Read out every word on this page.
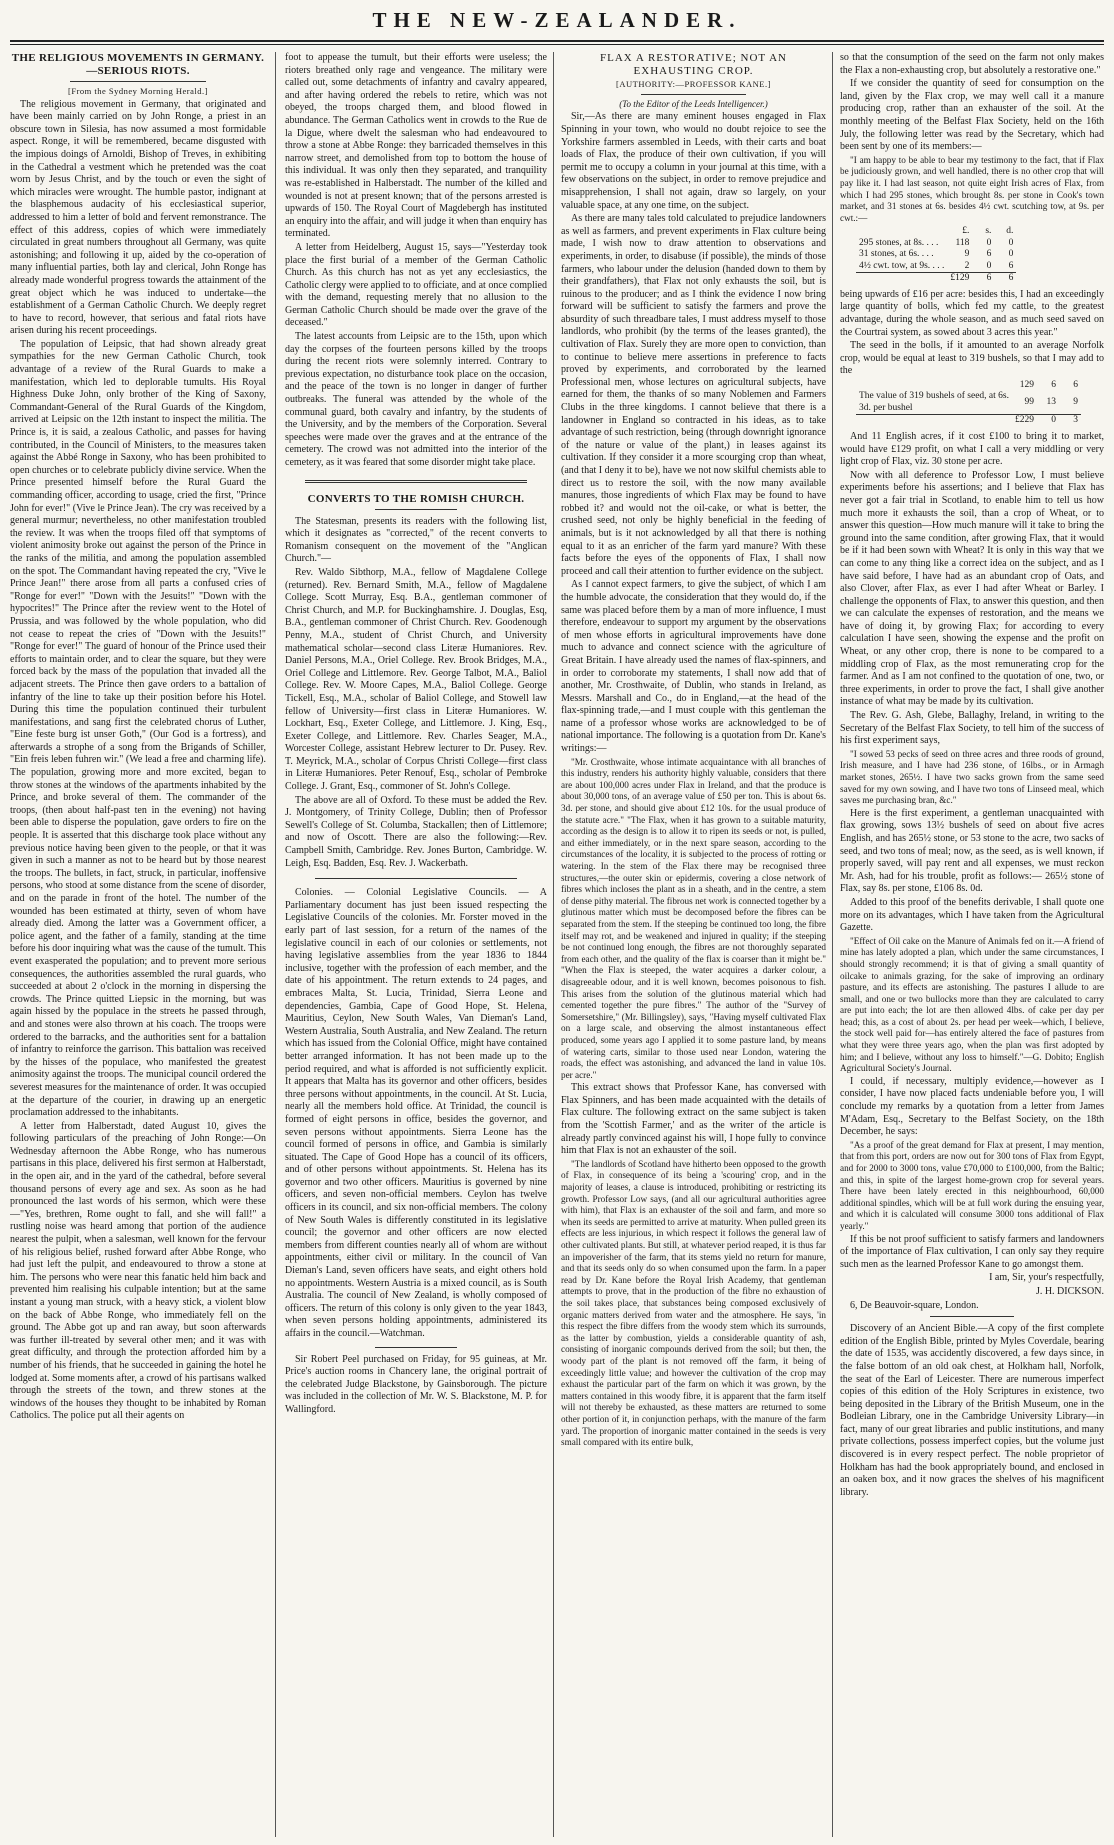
THE NEW-ZEALANDER.

THE RELIGIOUS MOVEMENTS IN GERMANY.—SERIOUS RIOTS.

[From the Sydney Morning Herald.]

The religious movement in Germany, that originated and have been mainly carried on by John Ronge, a priest in an obscure town in Silesia, has now assumed a most formidable aspect. Ronge, it will be remembered, became disgusted with the impious doings of Arnoldi, Bishop of Treves, in exhibiting in the Cathedral a vestment which he pretended was the coat worn by Jesus Christ, and by the touch or even the sight of which miracles were wrought. The humble pastor, indignant at the blasphemous audacity of his ecclesiastical superior, addressed to him a letter of bold and fervent remonstrance. The effect of this address, copies of which were immediately circulated in great numbers throughout all Germany, was quite astonishing; and following it up, aided by the co-operation of many influential parties, both lay and clerical, John Ronge has already made wonderful progress towards the attainment of the great object which he was induced to undertake—the establishment of a German Catholic Church. We deeply regret to have to record, however, that serious and fatal riots have arisen during his recent proceedings.

The population of Leipsic, that had shown already great sympathies for the new German Catholic Church, took advantage of a review of the Rural Guards to make a manifestation, which led to deplorable tumults. His Royal Highness Duke John, only brother of the King of Saxony, Commandant-General of the Rural Guards of the Kingdom, arrived at Leipsic on the 12th instant to inspect the militia. The Prince is, it is said, a zealous Catholic, and passes for having contributed, in the Council of Ministers, to the measures taken against the Abbé Ronge in Saxony, who has been prohibited to open churches or to celebrate publicly divine service. When the Prince presented himself before the Rural Guard the commanding officer, according to usage, cried the first, "Prince John for ever!" (Vive le Prince Jean). The cry was received by a general murmur; nevertheless, no other manifestation troubled the review. It was when the troops filed off that symptoms of violent animosity broke out against the person of the Prince in the ranks of the militia, and among the population assembled on the spot. The Commandant having repeated the cry, "Vive le Prince Jean!" there arose from all parts a confused cries of "Ronge for ever!" "Down with the Jesuits!" "Down with the hypocrites!" The Prince after the review went to the Hotel of Prussia, and was followed by the whole population, who did not cease to repeat the cries of "Down with the Jesuits!" "Ronge for ever!" The guard of honour of the Prince used their efforts to maintain order, and to clear the square, but they were forced back by the mass of the population that invaded all the adjacent streets. The Prince then gave orders to a battalion of infantry of the line to take up their position before his Hotel. During this time the population continued their turbulent manifestations, and sang first the celebrated chorus of Luther, "Eine feste burg ist unser Goth," (Our God is a fortress), and afterwards a strophe of a song from the Brigands of Schiller, "Ein freis leben fuhren wir." (We lead a free and charming life). The population, growing more and more excited, began to throw stones at the windows of the apartments inhabited by the Prince, and broke several of them. The commander of the troops, (then about half-past ten in the evening) not having been able to disperse the population, gave orders to fire on the people. It is asserted that this discharge took place without any previous notice having been given to the people, or that it was given in such a manner as not to be heard but by those nearest the troops. The bullets, in fact, struck, in particular, inoffensive persons, who stood at some distance from the scene of disorder, and on the parade in front of the hotel. The number of the wounded has been estimated at thirty, seven of whom have already died. Among the latter was a Government officer, a police agent, and the father of a family, standing at the time before his door inquiring what was the cause of the tumult. This event exasperated the population; and to prevent more serious consequences, the authorities assembled the rural guards, who succeeded at about 2 o'clock in the morning in dispersing the crowds. The Prince quitted Liepsic in the morning, but was again hissed by the populace in the streets he passed through, and and stones were also thrown at his coach. The troops were ordered to the barracks, and the authorities sent for a battalion of infantry to reinforce the garrison. This battalion was received by the hisses of the populace, who manifested the greatest animosity against the troops. The municipal council ordered the severest measures for the maintenance of order. It was occupied at the departure of the courier, in drawing up an energetic proclamation addressed to the inhabitants.

A letter from Halberstadt, dated August 10, gives the following particulars of the preaching of John Ronge:—On Wednesday afternoon the Abbe Ronge, who has numerous partisans in this place, delivered his first sermon at Halberstadt, in the open air, and in the yard of the cathedral, before several thousand persons of every age and sex. As soon as he had pronounced the last words of his sermon, which were these—"Yes, brethren, Rome ought to fall, and she will fall!" a rustling noise was heard among that portion of the audience nearest the pulpit, when a salesman, well known for the fervour of his religious belief, rushed forward after Abbe Ronge, who had just left the pulpit, and endeavoured to throw a stone at him. The persons who were near this fanatic held him back and prevented him realising his culpable intention; but at the same instant a young man struck, with a heavy stick, a violent blow on the back of Abbe Ronge, who immediately fell on the ground. The Abbe got up and ran away, but soon afterwards was further ill-treated by several other men; and it was with great difficulty, and through the protection afforded him by a number of his friends, that he succeeded in gaining the hotel he lodged at. Some moments after, a crowd of his partisans walked through the streets of the town, and threw stones at the windows of the houses they thought to be inhabited by Roman Catholics. The police put all their agents on

foot to appease the tumult, but their efforts were useless; the rioters breathed only rage and vengeance. The military were called out, some detachments of infantry and cavalry appeared, and after having ordered the rebels to retire, which was not obeyed, the troops charged them, and blood flowed in abundance. The German Catholics went in crowds to the Rue de la Digue, where dwelt the salesman who had endeavoured to throw a stone at Abbe Ronge: they barricaded themselves in this narrow street, and demolished from top to bottom the house of this individual. It was only then they separated, and tranquility was re-established in Halberstadt. The number of the killed and wounded is not at present known; that of the persons arrested is upwards of 150. The Royal Court of Magdebergh has instituted an enquiry into the affair, and will judge it when than enquiry has terminated.

A letter from Heidelberg, August 15, says—"Yesterday took place the first burial of a member of the German Catholic Church. As this church has not as yet any ecclesiastics, the Catholic clergy were applied to to officiate, and at once complied with the demand, requesting merely that no allusion to the German Catholic Church should be made over the grave of the deceased."

The latest accounts from Leipsic are to the 15th, upon which day the corpses of the fourteen persons killed by the troops during the recent riots were solemnly interred. Contrary to previous expectation, no disturbance took place on the occasion, and the peace of the town is no longer in danger of further outbreaks. The funeral was attended by the whole of the communal guard, both cavalry and infantry, by the students of the University, and by the members of the Corporation. Several speeches were made over the graves and at the entrance of the cemetery. The crowd was not admitted into the interior of the cemetery, as it was feared that some disorder might take place.

CONVERTS TO THE ROMISH CHURCH.

The Statesman, presents its readers with the following list, which it designates as "corrected," of the recent converts to Romanism consequent on the movement of the "Anglican Church."—

Rev. Waldo Sibthorp, M.A., fellow of Magdalene College (returned). Rev. Bernard Smith, M.A., fellow of Magdalene College. Scott Murray, Esq. B.A., gentleman commoner of Christ Church, and M.P. for Buckinghamshire. J. Douglas, Esq, B.A., gentleman commoner of Christ Church. Rev. Goodenough Penny, M.A., student of Christ Church, and University mathematical scholar—second class Literæ Humaniores. Rev. Daniel Persons, M.A., Oriel College. Rev. Brook Bridges, M.A., Oriel College and Littlemore. Rev. George Talbot, M.A., Baliol College. Rev. W. Moore Capes, M.A., Baliol College. George Tickell, Esq., M.A., scholar of Baliol College, and Stowell law fellow of University—first class in Literæ Humaniores. W. Lockhart, Esq., Exeter College, and Littlemore. J. King, Esq., Exeter College, and Littlemore. Rev. Charles Seager, M.A., Worcester College, assistant Hebrew lecturer to Dr. Pusey. Rev. T. Meyrick, M.A., scholar of Corpus Christi College—first class in Literæ Humaniores. Peter Renouf, Esq., scholar of Pembroke College. J. Grant, Esq., commoner of St. John's College.

The above are all of Oxford. To these must be added the Rev. J. Montgomery, of Trinity College, Dublin; then of Professor Sewell's College of St. Columba, Stackallen; then of Littlemore; and now of Oscott. There are also the following:—Rev. Campbell Smith, Cambridge. Rev. Jones Burton, Cambridge. W. Leigh, Esq. Badden, Esq. Rev. J. Wackerbath.

Colonies. — Colonial Legislative Councils. — A Parliamentary document has just been issued respecting the Legislative Councils of the colonies. Mr. Forster moved in the early part of last session, for a return of the names of the legislative council in each of our colonies or settlements, not having legislative assemblies from the year 1836 to 1844 inclusive, together with the profession of each member, and the date of his appointment. The return extends to 24 pages, and embraces Malta, St. Lucia, Trinidad, Sierra Leone and dependencies, Gambia, Cape of Good Hope, St. Helena, Mauritius, Ceylon, New South Wales, Van Dieman's Land, Western Australia, South Australia, and New Zealand. The return which has issued from the Colonial Office, might have contained better arranged information. It has not been made up to the period required, and what is afforded is not sufficiently explicit. It appears that Malta has its governor and other officers, besides three persons without appointments, in the council. At St. Lucia, nearly all the members hold office. At Trinidad, the council is formed of eight persons in office, besides the governor, and seven persons without appointments. Sierra Leone has the council formed of persons in office, and Gambia is similarly situated. The Cape of Good Hope has a council of its officers, and of other persons without appointments. St. Helena has its governor and two other officers. Mauritius is governed by nine officers, and seven non-official members. Ceylon has twelve officers in its council, and six non-official members. The colony of New South Wales is differently constituted in its legislative council; the governor and other officers are now elected members from different counties nearly all of whom are without appointments, either civil or military. In the council of Van Dieman's Land, seven officers have seats, and eight others hold no appointments. Western Austria is a mixed council, as is South Australia. The council of New Zealand, is wholly composed of officers. The return of this colony is only given to the year 1843, when seven persons holding appointments, administered its affairs in the council.—Watchman.

Sir Robert Peel purchased on Friday, for 95 guineas, at Mr. Price's auction rooms in Chancery lane, the original portrait of the celebrated Judge Blackstone, by Gainsborough. The picture was included in the collection of Mr. W. S. Blackstone, M. P. for Wallingford.

FLAX A RESTORATIVE; NOT AN EXHAUSTING CROP.

[AUTHORITY:—PROFESSOR KANE.]

(To the Editor of the Leeds Intelligencer.)

Sir,—As there are many eminent houses engaged in Flax Spinning in your town, who would no doubt rejoice to see the Yorkshire farmers assembled in Leeds, with their carts and boat loads of Flax, the produce of their own cultivation, if you will permit me to occupy a column in your journal at this time, with a few observations on the subject, in order to remove prejudice and misapprehension, I shall not again, draw so largely, on your valuable space, at any one time, on the subject.

As there are many tales told calculated to prejudice landowners as well as farmers, and prevent experiments in Flax culture being made, I wish now to draw attention to observations and experiments, in order, to disabuse (if possible), the minds of those farmers, who labour under the delusion (handed down to them by their grandfathers), that Flax not only exhausts the soil, but is ruinous to the producer; and as I think the evidence I now bring forward will be sufficient to satisfy the farmers and prove the absurdity of such threadbare tales, I must address myself to those landlords, who prohibit (by the terms of the leases granted), the cultivation of Flax. Surely they are more open to conviction, than to continue to believe mere assertions in preference to facts proved by experiments, and corroborated by the learned Professional men, whose lectures on agricultural subjects, have earned for them, the thanks of so many Noblemen and Farmers Clubs in the three kingdoms. I cannot believe that there is a landowner in England so contracted in his ideas, as to take advantage of such restriction, being (through downright ignorance of the nature or value of the plant,) in leases against its cultivation. If they consider it a more scourging crop than wheat, (and that I deny it to be), have we not now skilful chemists able to direct us to restore the soil, with the now many available manures, those ingredients of which Flax may be found to have robbed it? and would not the oil-cake, or what is better, the crushed seed, not only be highly beneficial in the feeding of animals, but is it not acknowledged by all that there is nothing equal to it as an enricher of the farm yard manure? With these facts before the eyes of the opponents of Flax, I shall now proceed and call their attention to further evidence on the subject.

As I cannot expect farmers, to give the subject, of which I am the humble advocate, the consideration that they would do, if the same was placed before them by a man of more influence, I must therefore, endeavour to support my argument by the observations of men whose efforts in agricultural improvements have done much to advance and connect science with the agriculture of Great Britain. I have already used the names of flax-spinners, and in order to corroborate my statements, I shall now add that of another, Mr. Crosthwaite, of Dublin, who stands in Ireland, as Messrs. Marshall and Co., do in England,—at the head of the flax-spinning trade,—and I must couple with this gentleman the name of a professor whose works are acknowledged to be of national importance. The following is a quotation from Dr. Kane's writings:—

"Mr. Crosthwaite, whose intimate acquaintance with all branches of this industry, renders his authority highly valuable, considers that there are about 100,000 acres under Flax in Ireland, and that the produce is about 30,000 tons, of an average value of £50 per ton. This is about 6s. 3d. per stone, and should give about £12 10s. for the usual produce of the statute acre." "The Flax, when it has grown to a suitable maturity, according as the design is to allow it to ripen its seeds or not, is pulled, and either immediately, or in the next spare season, according to the circumstances of the locality, it is subjected to the process of rotting or watering. In the stem of the Flax there may be recognised three structures,—the outer skin or epidermis, covering a close network of fibres which incloses the plant as in a sheath, and in the centre, a stem of dense pithy material. The fibrous net work is connected together by a glutinous matter which must be decomposed before the fibres can be separated from the stem. If the steeping be continued too long, the fibre itself may rot, and be weakened and injured in quality; if the steeping be not continued long enough, the fibres are not thoroughly separated from each other, and the quality of the flax is coarser than it might be." "When the Flax is steeped, the water acquires a darker colour, a disagreeable odour, and it is well known, becomes poisonous to fish. This arises from the solution of the glutinous material which had cemented together the pure fibres." The author of the "Survey of Somersetshire," (Mr. Billingsley), says, "Having myself cultivated Flax on a large scale, and observing the almost instantaneous effect produced, some years ago I applied it to some pasture land, by means of watering carts, similar to those used near London, watering the roads, the effect was astonishing, and advanced the land in value 10s. per acre."

This extract shows that Professor Kane, has conversed with Flax Spinners, and has been made acquainted with the details of Flax culture. The following extract on the same subject is taken from the 'Scottish Farmer,' and as the writer of the article is already partly convinced against his will, I hope fully to convince him that Flax is not an exhauster of the soil.

"The landlords of Scotland have hitherto been opposed to the growth of Flax, in consequence of its being a 'scouring' crop, and in the majority of leases, a clause is introduced, prohibiting or restricting its growth. Professor Low says, (and all our agricultural authorities agree with him), that Flax is an exhauster of the soil and farm, and more so when its seeds are permitted to arrive at maturity. When pulled green its effects are less injurious, in which respect it follows the general law of other cultivated plants. But still, at whatever period reaped, it is thus far an impoverisher of the farm, that its stems yield no return for manure, and that its seeds only do so when consumed upon the farm. In a paper read by Dr. Kane before the Royal Irish Academy, that gentleman attempts to prove, that in the production of the fibre no exhaustion of the soil takes place, that substances being composed exclusively of organic matters derived from water and the atmosphere. He says, 'in this respect the fibre differs from the woody stem which its surrounds, as the latter by combustion, yields a considerable quantity of ash, consisting of inorganic compounds derived from the soil; but then, the woody part of the plant is not removed off the farm, it being of exceedingly little value; and however the cultivation of the crop may exhaust the particular part of the farm on which it was grown, by the matters contained in this woody fibre, it is apparent that the farm itself will not thereby be exhausted, as these matters are returned to some other portion of it, in conjunction perhaps, with the manure of the farm yard. The proportion of inorganic matter contained in the seeds is very small compared with its entire bulk,

so that the consumption of the seed on the farm not only makes the Flax a non-exhausting crop, but absolutely a restorative one."

If we consider the quantity of seed for consumption on the land, given by the Flax crop, we may well call it a manure producing crop, rather than an exhauster of the soil. At the monthly meeting of the Belfast Flax Society, held on the 16th July, the following letter was read by the Secretary, which had been sent by one of its members:—

"I am happy to be able to bear my testimony to the fact, that if Flax be judiciously grown, and well handled, there is no other crop that will pay like it. I had last season, not quite eight Irish acres of Flax, from which I had 295 stones, which brought 8s. per stone in Cook's town market, and 31 stones at 6s. besides 4½ cwt. scutching tow, at 9s. per cwt.:—

	£.	s.	d.
295 stones, at 8s. . . .	118	0	0
31 stones, at 6s. . . .	9	6	0
4½ cwt. tow, at 9s. . . .	2	0	6
	£129	6	6

being upwards of £16 per acre: besides this, I had an exceedingly large quantity of bolls, which fed my cattle, to the greatest advantage, during the whole season, and as much seed saved on the Courtrai system, as sowed about 3 acres this year."

The seed in the bolls, if it amounted to an average Norfolk crop, would be equal at least to 319 bushels, so that I may add to the

	129	6	6
The value of 319 bushels of seed, at 6s. 3d. per bushel	99	13	9
	£229	0	3

And 11 English acres, if it cost £100 to bring it to market, would have £129 profit, on what I call a very middling or very light crop of Flax, viz. 30 stone per acre.

Now with all deference to Professor Low, I must believe experiments before his assertions; and I believe that Flax has never got a fair trial in Scotland, to enable him to tell us how much more it exhausts the soil, than a crop of Wheat, or to answer this question—How much manure will it take to bring the ground into the same condition, after growing Flax, that it would be if it had been sown with Wheat? It is only in this way that we can come to any thing like a correct idea on the subject, and as I have said before, I have had as an abundant crop of Oats, and also Clover, after Flax, as ever I had after Wheat or Barley. I challenge the opponents of Flax, to answer this question, and then we can calculate the expenses of restoration, and the means we have of doing it, by growing Flax; for according to every calculation I have seen, showing the expense and the profit on Wheat, or any other crop, there is none to be compared to a middling crop of Flax, as the most remunerating crop for the farmer. And as I am not confined to the quotation of one, two, or three experiments, in order to prove the fact, I shall give another instance of what may be made by its cultivation.

The Rev. G. Ash, Glebe, Ballaghy, Ireland, in writing to the Secretary of the Belfast Flax Society, to tell him of the success of his first experiment says,

"I sowed 53 pecks of seed on three acres and three roods of ground, Irish measure, and I have had 236 stone, of 16lbs., or in Armagh market stones, 265½. I have two sacks grown from the same seed saved for my own sowing, and I have two tons of Linseed meal, which saves me purchasing bran, &c."

Here is the first experiment, a gentleman unacquainted with flax growing, sows 13½ bushels of seed on about five acres English, and has 265½ stone, or 53 stone to the acre, two sacks of seed, and two tons of meal; now, as the seed, as is well known, if properly saved, will pay rent and all expenses, we must reckon Mr. Ash, had for his trouble, profit as follows:— 265½ stone of Flax, say 8s. per stone, £106 8s. 0d.

Added to this proof of the benefits derivable, I shall quote one more on its advantages, which I have taken from the Agricultural Gazette.

"Effect of Oil cake on the Manure of Animals fed on it.—A friend of mine has lately adopted a plan, which under the same circumstances, I should strongly recommend; it is that of giving a small quantity of oilcake to animals grazing, for the sake of improving an ordinary pasture, and its effects are astonishing. The pastures I allude to are small, and one or two bullocks more than they are calculated to carry are put into each; the lot are then allowed 4lbs. of cake per day per head; this, as a cost of about 2s. per head per week—which, I believe, the stock well paid for—has entirely altered the face of pastures from what they were three years ago, when the plan was first adopted by him; and I believe, without any loss to himself."—G. Dobito; English Agricultural Society's Journal.

I could, if necessary, multiply evidence,—however as I consider, I have now placed facts undeniable before you, I will conclude my remarks by a quotation from a letter from James M'Adam, Esq., Secretary to the Belfast Society, on the 18th December, he says:

"As a proof of the great demand for Flax at present, I may mention, that from this port, orders are now out for 300 tons of Flax from Egypt, and for 2000 to 3000 tons, value £70,000 to £100,000, from the Baltic; and this, in spite of the largest home-grown crop for several years. There have been lately erected in this neighbourhood, 60,000 additional spindles, which will be at full work during the ensuing year, and which it is calculated will consume 3000 tons additional of Flax yearly."

If this be not proof sufficient to satisfy farmers and landowners of the importance of Flax cultivation, I can only say they require such men as the learned Professor Kane to go amongst them.

I am, Sir, your's respectfully,

J. H. DICKSON.

6, De Beauvoir-square, London.

Discovery of an Ancient Bible.—A copy of the first complete edition of the English Bible, printed by Myles Coverdale, bearing the date of 1535, was accidently discovered, a few days since, in the false bottom of an old oak chest, at Holkham hall, Norfolk, the seat of the Earl of Leicester. There are numerous imperfect copies of this edition of the Holy Scriptures in existence, two being deposited in the Library of the British Museum, one in the Bodleian Library, one in the Cambridge University Library—in fact, many of our great libraries and public institutions, and many private collections, possess imperfect copies, but the volume just discovered is in every respect perfect. The noble proprietor of Holkham has had the book appropriately bound, and enclosed in an oaken box, and it now graces the shelves of his magnificent library.
